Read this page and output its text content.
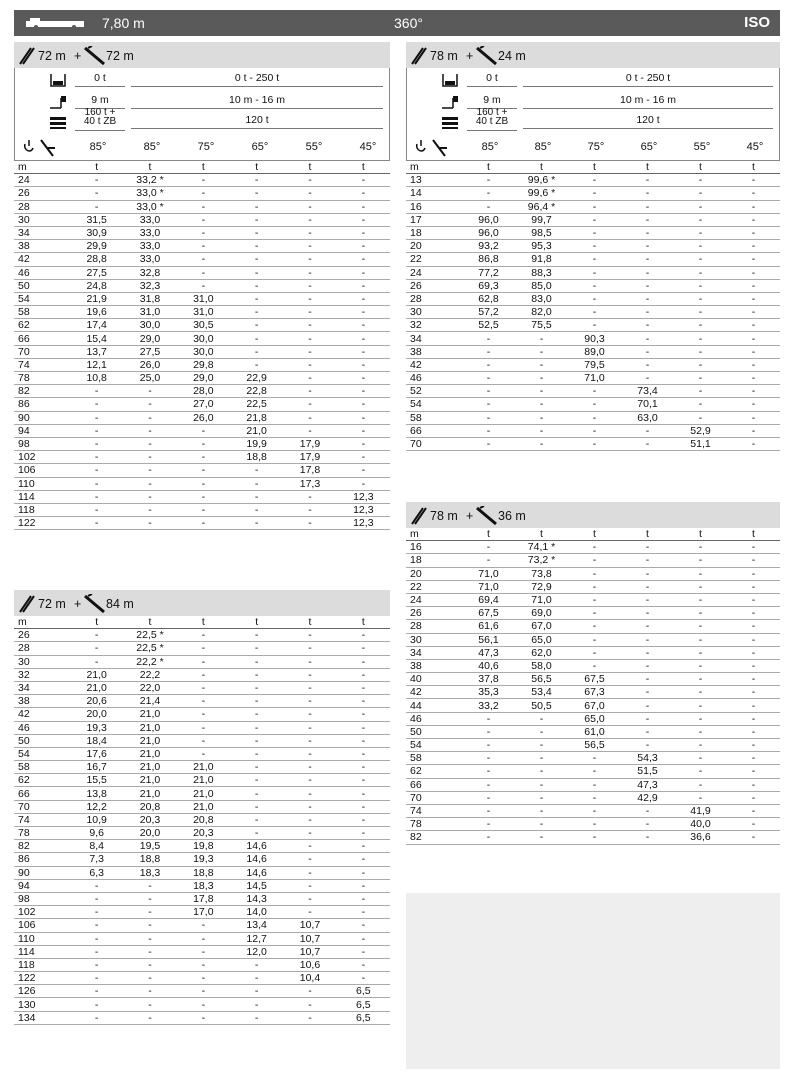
7,80 m	360°	ISO
72 m + 72 m
0 t	0 t - 250 t
9 m	10 m - 16 m
160 t +
40 t ZB	120 t
85°	85°	75°	65°	55°	45°
m	t	t	t	t	t	t
24	-	33,2 *	-	-	-	-
26	-	33,0 *	-	-	-	-
28	-	33,0 *	-	-	-	-
30	31,5	33,0	-	-	-	-
34	30,9	33,0	-	-	-	-
38	29,9	33,0	-	-	-	-
42	28,8	33,0	-	-	-	-
46	27,5	32,8	-	-	-	-
50	24,8	32,3	-	-	-	-
54	21,9	31,8	31,0	-	-	-
58	19,6	31,0	31,0	-	-	-
62	17,4	30,0	30,5	-	-	-
66	15,4	29,0	30,0	-	-	-
70	13,7	27,5	30,0	-	-	-
74	12,1	26,0	29,8	-	-	-
78	10,8	25,0	29,0	22,9	-	-
82	-	-	28,0	22,8	-	-
86	-	-	27,0	22,5	-	-
90	-	-	26,0	21,8	-	-
94	-	-	-	21,0	-	-
98	-	-	-	19,9	17,9	-
102	-	-	-	18,8	17,9	-
106	-	-	-	-	17,8	-
110	-	-	-	-	17,3	-
114	-	-	-	-	-	12,3
118	-	-	-	-	-	12,3
122	-	-	-	-	-	12,3
72 m + 84 m
m	t	t	t	t	t	t
26	-	22,5 *	-	-	-	-
28	-	22,5 *	-	-	-	-
30	-	22,2 *	-	-	-	-
32	21,0	22,2	-	-	-	-
34	21,0	22,0	-	-	-	-
38	20,6	21,4	-	-	-	-
42	20,0	21,0	-	-	-	-
46	19,3	21,0	-	-	-	-
50	18,4	21,0	-	-	-	-
54	17,6	21,0	-	-	-	-
58	16,7	21,0	21,0	-	-	-
62	15,5	21,0	21,0	-	-	-
66	13,8	21,0	21,0	-	-	-
70	12,2	20,8	21,0	-	-	-
74	10,9	20,3	20,8	-	-	-
78	9,6	20,0	20,3	-	-	-
82	8,4	19,5	19,8	14,6	-	-
86	7,3	18,8	19,3	14,6	-	-
90	6,3	18,3	18,8	14,6	-	-
94	-	-	18,3	14,5	-	-
98	-	-	17,8	14,3	-	-
102	-	-	17,0	14,0	-	-
106	-	-	-	13,4	10,7	-
110	-	-	-	12,7	10,7	-
114	-	-	-	12,0	10,7	-
118	-	-	-	-	10,6	-
122	-	-	-	-	10,4	-
126	-	-	-	-	-	6,5
130	-	-	-	-	-	6,5
134	-	-	-	-	-	6,5
78 m + 24 m
0 t	0 t - 250 t
9 m	10 m - 16 m
160 t +
40 t ZB	120 t
85°	85°	75°	65°	55°	45°
m	t	t	t	t	t	t
13	-	99,6 *	-	-	-	-
14	-	99,6 *	-	-	-	-
16	-	96,4 *	-	-	-	-
17	96,0	99,7	-	-	-	-
18	96,0	98,5	-	-	-	-
20	93,2	95,3	-	-	-	-
22	86,8	91,8	-	-	-	-
24	77,2	88,3	-	-	-	-
26	69,3	85,0	-	-	-	-
28	62,8	83,0	-	-	-	-
30	57,2	82,0	-	-	-	-
32	52,5	75,5	-	-	-	-
34	-	-	90,3	-	-	-
38	-	-	89,0	-	-	-
42	-	-	79,5	-	-	-
46	-	-	71,0	-	-	-
52	-	-	-	73,4	-	-
54	-	-	-	70,1	-	-
58	-	-	-	63,0	-	-
66	-	-	-	-	52,9	-
70	-	-	-	-	51,1	-
78 m + 36 m
m	t	t	t	t	t	t
16	-	74,1 *	-	-	-	-
18	-	73,2 *	-	-	-	-
20	71,0	73,8	-	-	-	-
22	71,0	72,9	-	-	-	-
24	69,4	71,0	-	-	-	-
26	67,5	69,0	-	-	-	-
28	61,6	67,0	-	-	-	-
30	56,1	65,0	-	-	-	-
34	47,3	62,0	-	-	-	-
38	40,6	58,0	-	-	-	-
40	37,8	56,5	67,5	-	-	-
42	35,3	53,4	67,3	-	-	-
44	33,2	50,5	67,0	-	-	-
46	-	-	65,0	-	-	-
50	-	-	61,0	-	-	-
54	-	-	56,5	-	-	-
58	-	-	-	54,3	-	-
62	-	-	-	51,5	-	-
66	-	-	-	47,3	-	-
70	-	-	-	42,9	-	-
74	-	-	-	-	41,9	-
78	-	-	-	-	40,0	-
82	-	-	-	-	36,6	-
